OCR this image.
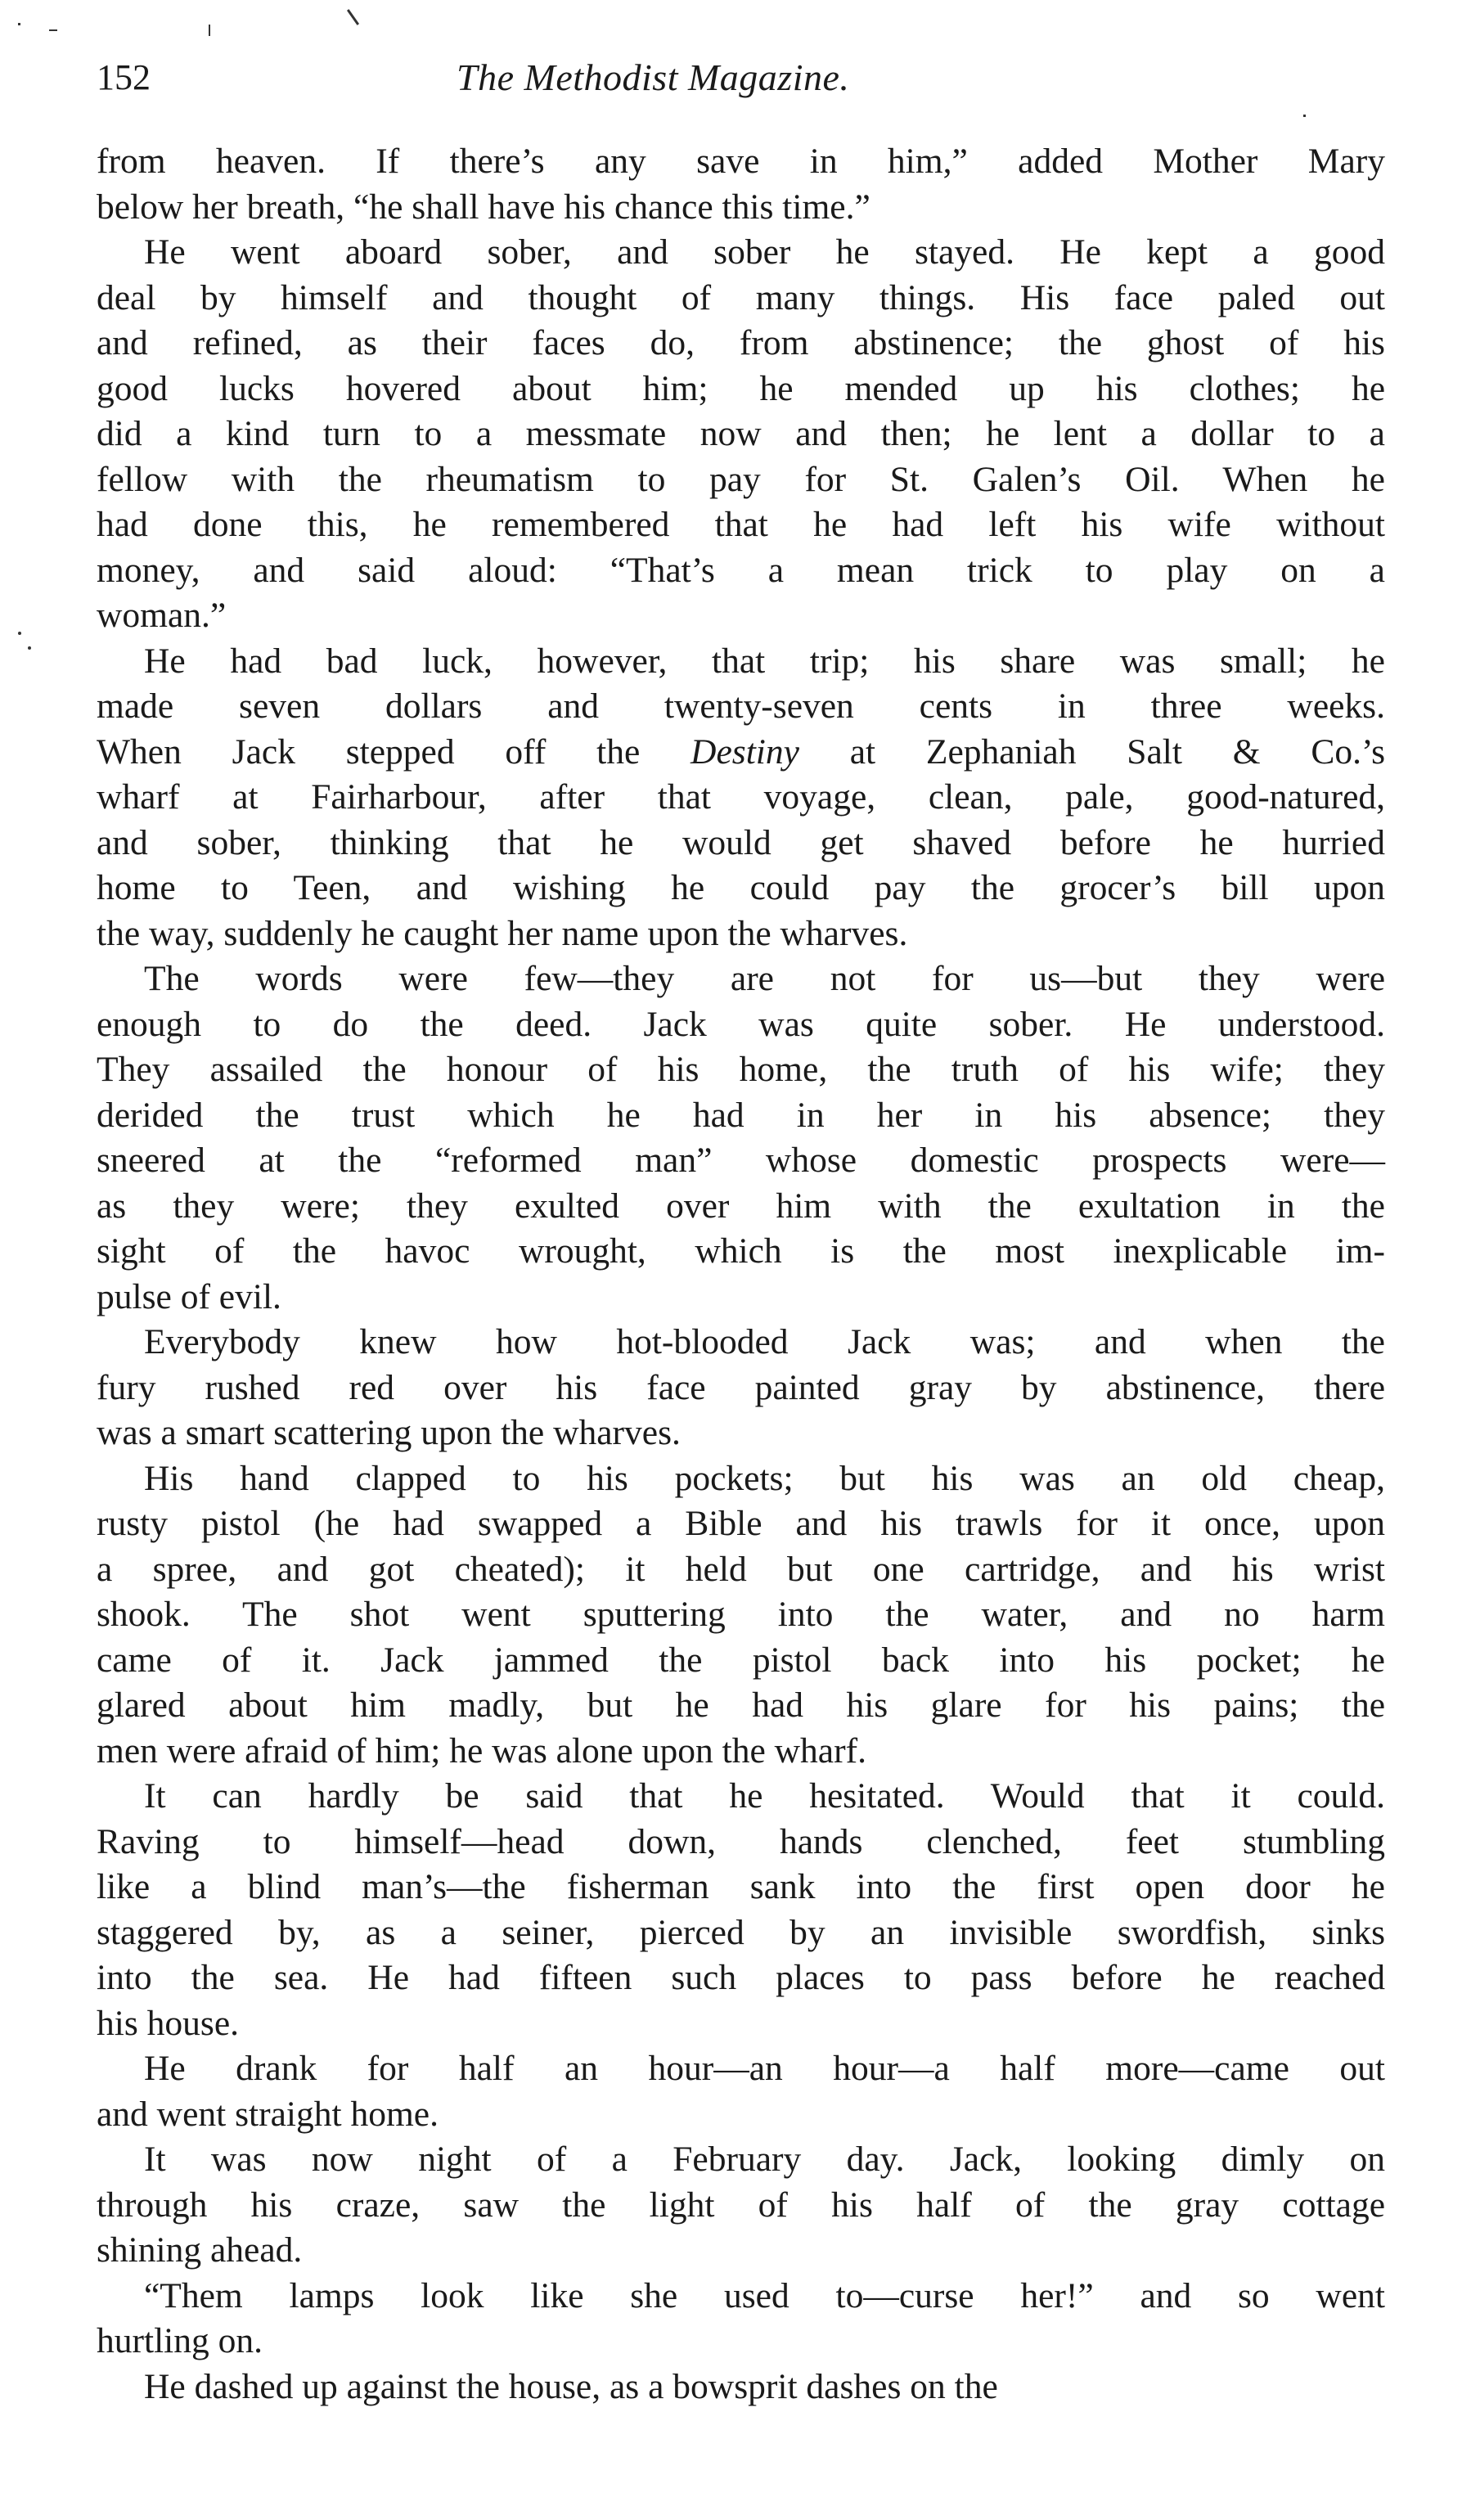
152	The Methodist Magazine.
from heaven. If there’s any save in him,” added Mother Mary
below her breath, “he shall have his chance this time.”
He went aboard sober, and sober he stayed. He kept a good
deal by himself and thought of many things. His face paled out
and refined, as their faces do, from abstinence; the ghost of his
good lucks hovered about him; he mended up his clothes; he
did a kind turn to a messmate now and then; he lent a dollar to a
fellow with the rheumatism to pay for St. Galen’s Oil. When he
had done this, he remembered that he had left his wife without
money, and said aloud: “That’s a mean trick to play on a
woman.”
He had bad luck, however, that trip; his share was small; he
made seven dollars and twenty-seven cents in three weeks.
When Jack stepped off the Destiny at Zephaniah Salt & Co.’s
wharf at Fairharbour, after that voyage, clean, pale, good-natured,
and sober, thinking that he would get shaved before he hurried
home to Teen, and wishing he could pay the grocer’s bill upon
the way, suddenly he caught her name upon the wharves.
The words were few—they are not for us—but they were
enough to do the deed. Jack was quite sober. He understood.
They assailed the honour of his home, the truth of his wife; they
derided the trust which he had in her in his absence; they
sneered at the “reformed man” whose domestic prospects were—
as they were; they exulted over him with the exultation in the
sight of the havoc wrought, which is the most inexplicable im-
pulse of evil.
Everybody knew how hot-blooded Jack was; and when the
fury rushed red over his face painted gray by abstinence, there
was a smart scattering upon the wharves.
His hand clapped to his pockets; but his was an old cheap,
rusty pistol (he had swapped a Bible and his trawls for it once, upon
a spree, and got cheated); it held but one cartridge, and his wrist
shook. The shot went sputtering into the water, and no harm
came of it. Jack jammed the pistol back into his pocket; he
glared about him madly, but he had his glare for his pains; the
men were afraid of him; he was alone upon the wharf.
It can hardly be said that he hesitated. Would that it could.
Raving to himself—head down, hands clenched, feet stumbling
like a blind man’s—the fisherman sank into the first open door he
staggered by, as a seiner, pierced by an invisible swordfish, sinks
into the sea. He had fifteen such places to pass before he reached
his house.
He drank for half an hour—an hour—a half more—came out
and went straight home.
It was now night of a February day. Jack, looking dimly on
through his craze, saw the light of his half of the gray cottage
shining ahead.
“Them lamps look like she used to—curse her!” and so went
hurtling on.
He dashed up against the house, as a bowsprit dashes on the
